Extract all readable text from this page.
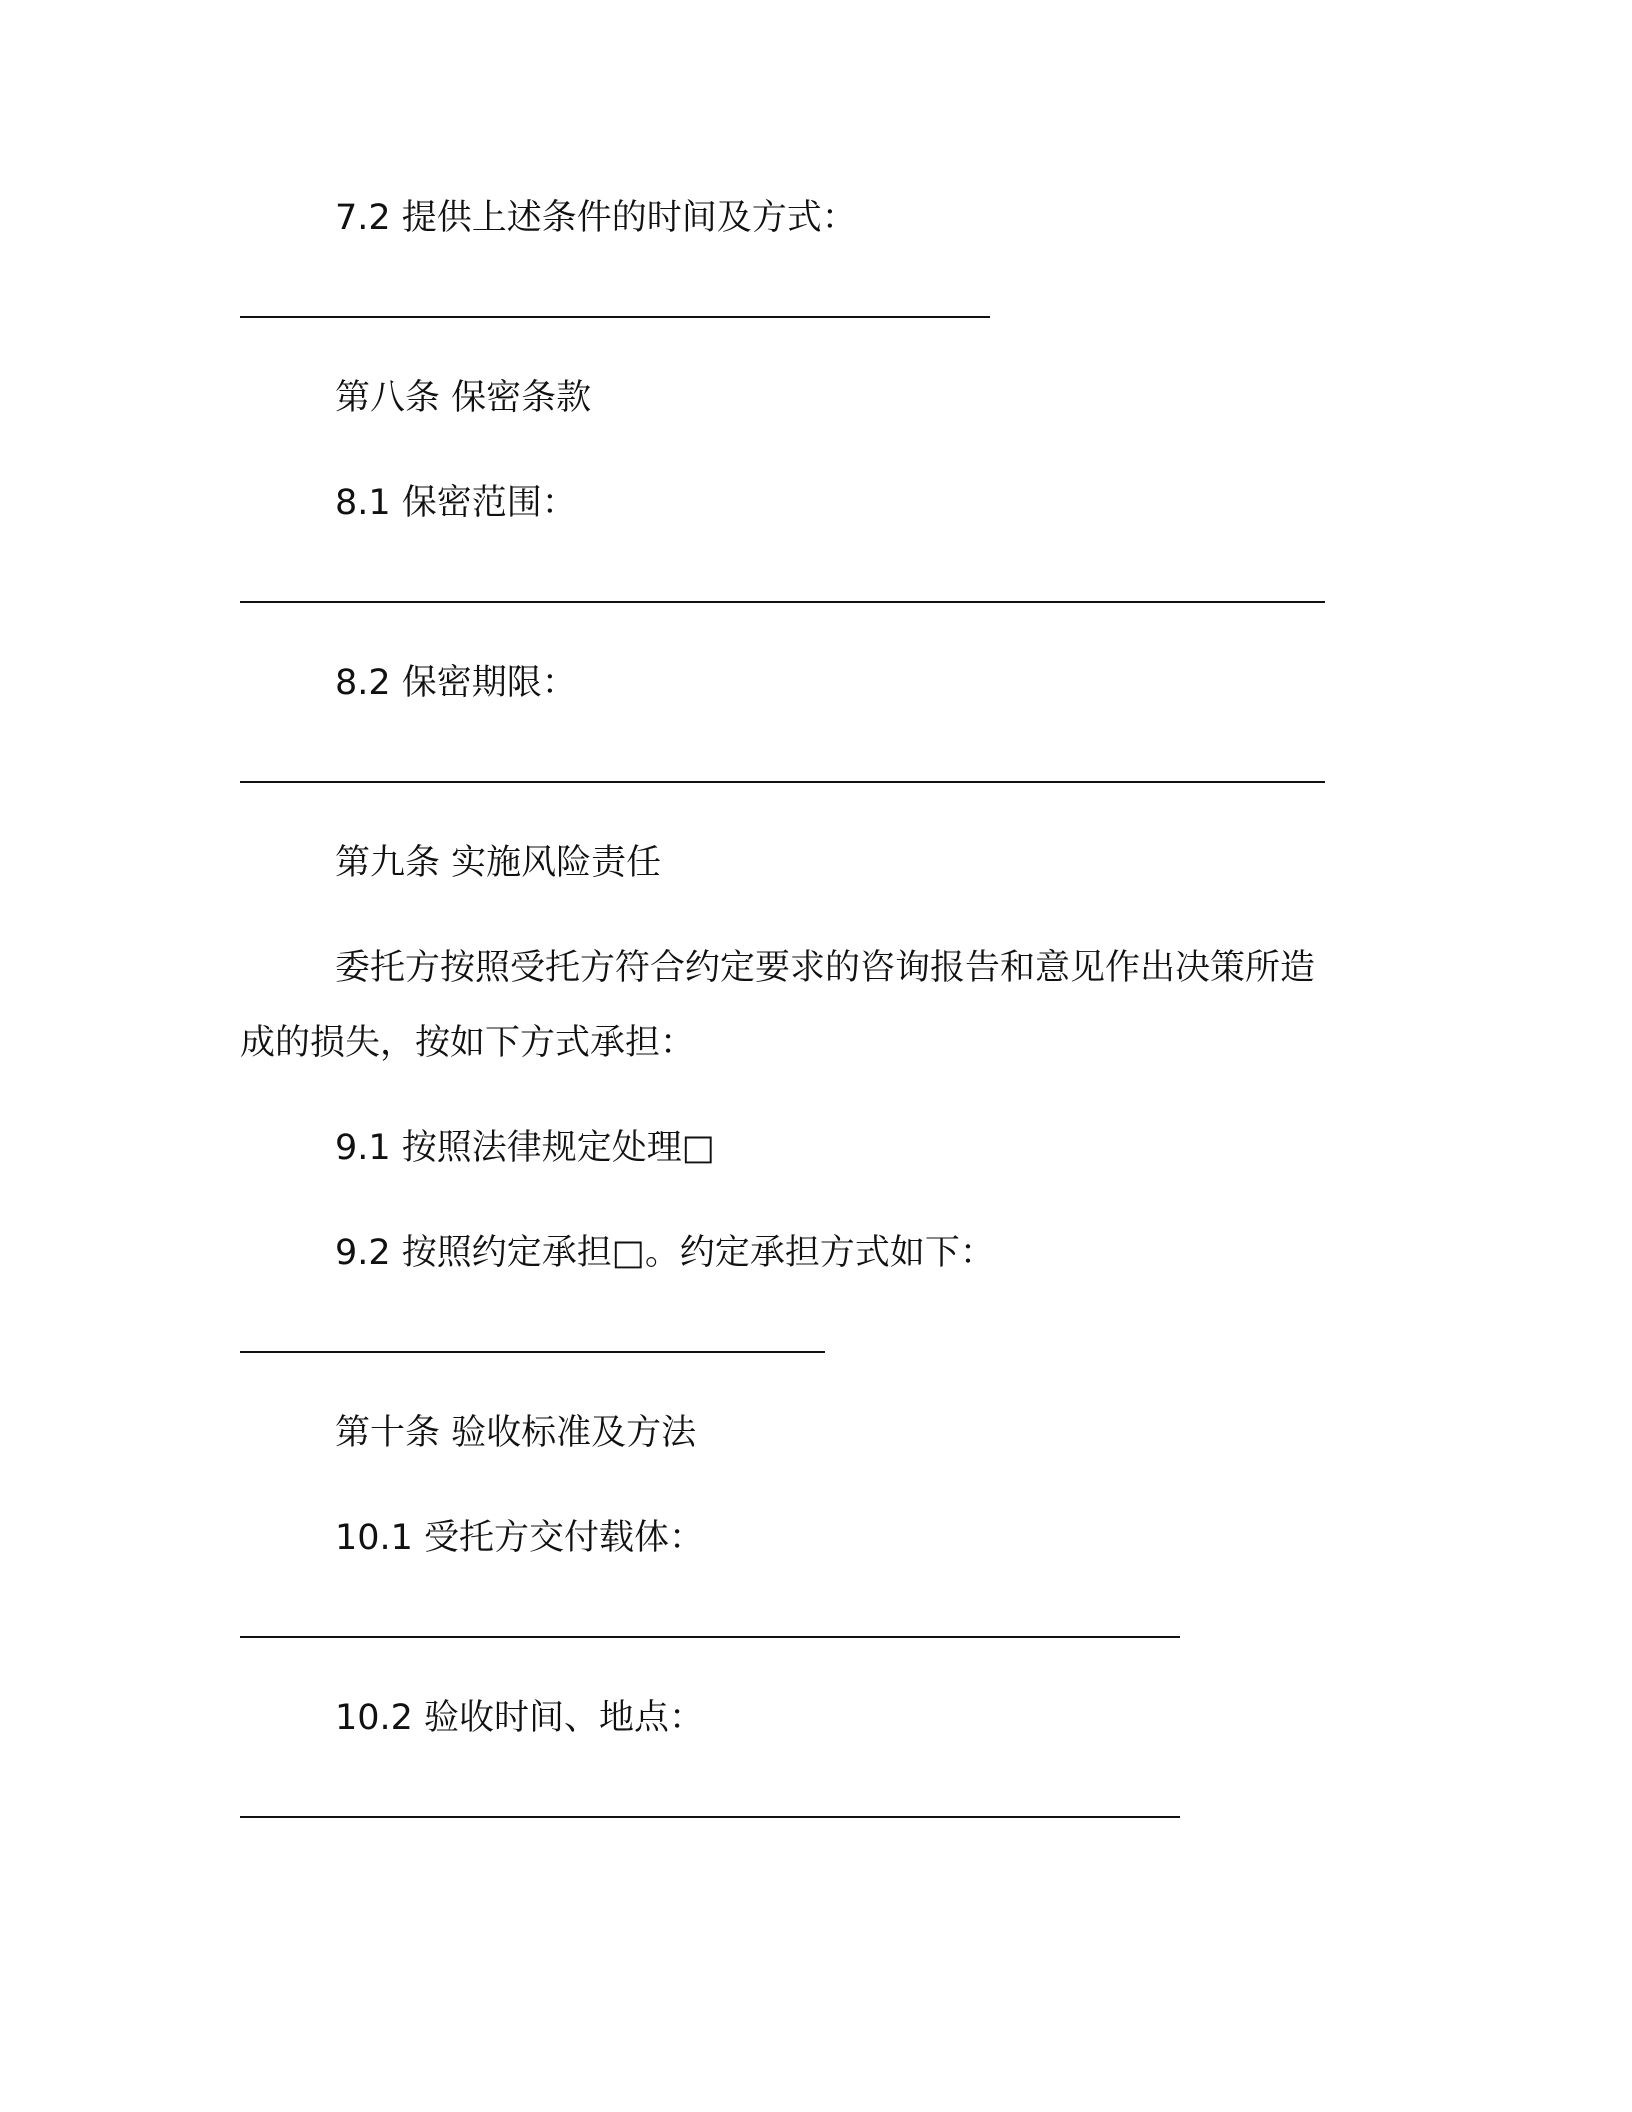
7.2 提供上述条件的时间及方式：
第八条 保密条款
8.1 保密范围：
8.2 保密期限：
第九条 实施风险责任
委托方按照受托方符合约定要求的咨询报告和意见作出决策所造
成的损失，按如下方式承担：
9.1 按照法律规定处理□
9.2 按照约定承担□。约定承担方式如下：
第十条 验收标准及方法
10.1 受托方交付载体：
10.2 验收时间、地点：
